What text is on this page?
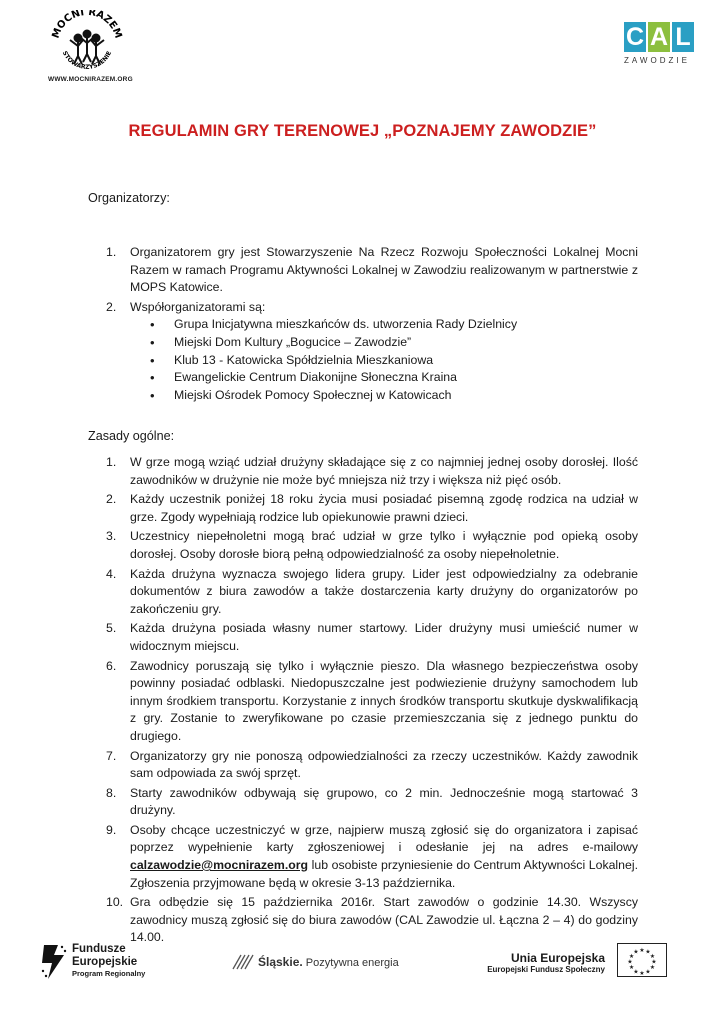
MOCNI RAZEM
STOWARZYSZENIE
WWW.MOCNIRAZEM.ORG
C A L
ZAWODZIE
REGULAMIN GRY TERENOWEJ „POZNAJEMY ZAWODZIE”
Organizatorzy:
1. Organizatorem gry jest Stowarzyszenie Na Rzecz Rozwoju Społeczności Lokalnej Mocni Razem w ramach Programu Aktywności Lokalnej w Zawodziu realizowanym w partnerstwie z MOPS Katowice.
2. Współorganizatorami są:
• Grupa Inicjatywna mieszkańców ds. utworzenia Rady Dzielnicy
• Miejski Dom Kultury „Bogucice – Zawodzie”
• Klub 13 - Katowicka Spółdzielnia Mieszkaniowa
• Ewangelickie Centrum Diakonijne Słoneczna Kraina
• Miejski Ośrodek Pomocy Społecznej w Katowicach
Zasady ogólne:
1. W grze mogą wziąć udział drużyny składające się z co najmniej jednej osoby dorosłej. Ilość zawodników w drużynie nie może być mniejsza niż trzy i większa niż pięć osób.
2. Każdy uczestnik poniżej 18 roku życia musi posiadać pisemną zgodę rodzica na udział w grze. Zgody wypełniają rodzice lub opiekunowie prawni dzieci.
3. Uczestnicy niepełnoletni mogą brać udział w grze tylko i wyłącznie pod opieką osoby dorosłej. Osoby dorosłe biorą pełną odpowiedzialność za osoby niepełnoletnie.
4. Każda drużyna wyznacza swojego lidera grupy. Lider jest odpowiedzialny za odebranie dokumentów z biura zawodów a także dostarczenia karty drużyny do organizatorów po zakończeniu gry.
5. Każda drużyna posiada własny numer startowy. Lider drużyny musi umieścić numer w widocznym miejscu.
6. Zawodnicy poruszają się tylko i wyłącznie pieszo. Dla własnego bezpieczeństwa osoby powinny posiadać odblaski. Niedopuszczalne jest podwiezienie drużyny samochodem lub innym środkiem transportu. Korzystanie z innych środków transportu skutkuje dyskwalifikacją z gry. Zostanie to zweryfikowane po czasie przemieszczania się z jednego punktu do drugiego.
7. Organizatorzy gry nie ponoszą odpowiedzialności za rzeczy uczestników. Każdy zawodnik sam odpowiada za swój sprzęt.
8. Starty zawodników odbywają się grupowo, co 2 min. Jednocześnie mogą startować 3 drużyny.
9. Osoby chcące uczestniczyć w grze, najpierw muszą zgłosić się do organizatora i zapisać poprzez wypełnienie karty zgłoszeniowej i odesłanie jej na adres e-mailowy calzawodzie@mocnirazem.org lub osobiste przyniesienie do Centrum Aktywności Lokalnej. Zgłoszenia przyjmowane będą w okresie 3-13 października.
10. Gra odbędzie się 15 października 2016r. Start zawodów o godzinie 14.30. Wszyscy zawodnicy muszą zgłosić się do biura zawodów (CAL Zawodzie ul. Łączna 2 – 4) do godziny 14.00.
Fundusze
Europejskie
Program Regionalny
Śląskie. Pozytywna energia	Unia Europejska
Europejski Fundusz Społeczny
★ ★
★
★
★
★
★
★
★
★
★
★
